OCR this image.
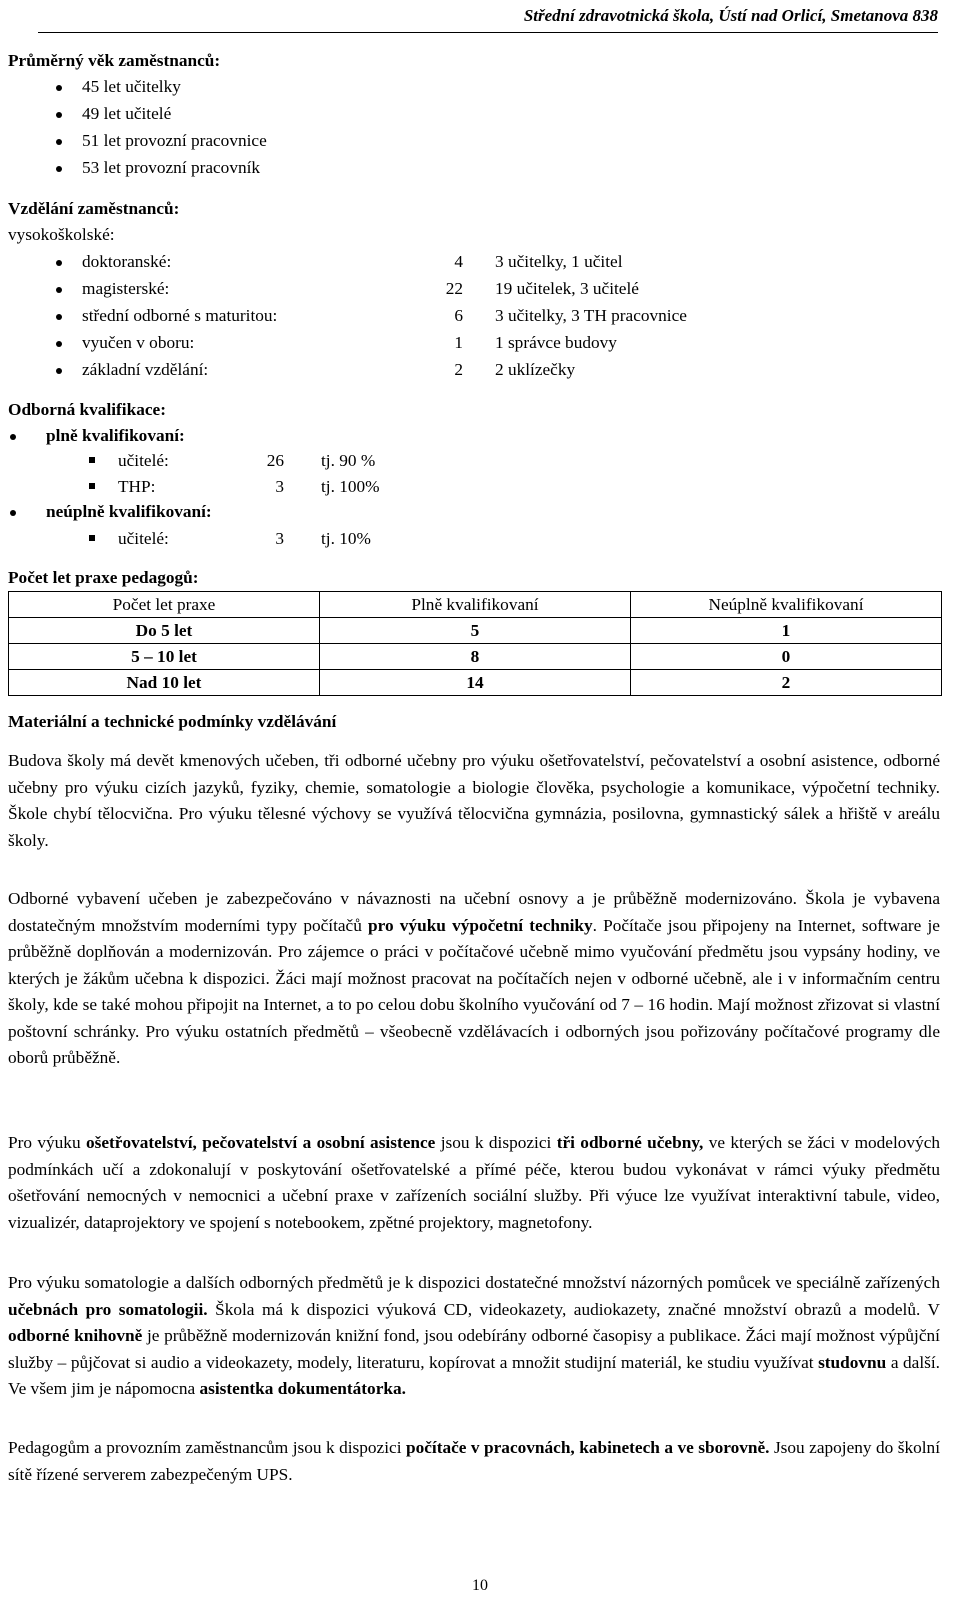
Střední zdravotnická škola, Ústí nad Orlicí, Smetanova 838
Průměrný věk zaměstnanců:
45 let učitelky
49 let učitelé
51 let provozní pracovnice
53 let provozní pracovník
Vzdělání zaměstnanců:
vysokoškolské:
doktoranské:	4 3 učitelky, 1 učitel
magisterské:	22 19 učitelek, 3 učitelé
střední odborné s maturitou:	6 3 učitelky, 3 TH pracovnice
vyučen v oboru:	1 1 správce budovy
základní vzdělání:	2 2 uklízečky
Odborná kvalifikace:
plně kvalifikovaní:
učitelé:	26 tj. 90 %
THP:	3 tj. 100%
neúplně kvalifikovaní:
učitelé:	3 tj. 10%
Počet let praxe pedagogů:
Počet let praxe	Plně kvalifikovaní	Neúplně kvalifikovaní
Do 5 let	5	1
5 – 10 let	8	0
Nad 10 let	14	2
Materiální a technické podmínky vzdělávání
Budova školy má devět kmenových učeben, tři odborné učebny pro výuku ošetřovatelství, pečovatelství a osobní asistence, odborné učebny pro výuku cizích jazyků, fyziky, chemie, somatologie a biologie člověka, psychologie a komunikace, výpočetní techniky. Škole chybí tělocvična. Pro výuku tělesné výchovy se využívá tělocvična gymnázia, posilovna, gymnastický sálek a hřiště v areálu školy.
Odborné vybavení učeben je zabezpečováno v návaznosti na učební osnovy a je průběžně modernizováno. Škola je vybavena dostatečným množstvím moderními typy počítačů pro výuku výpočetní techniky. Počítače jsou připojeny na Internet, software je průběžně doplňován a modernizován. Pro zájemce o práci v počítačové učebně mimo vyučování předmětu jsou vypsány hodiny, ve kterých je žákům učebna k dispozici. Žáci mají možnost pracovat na počítačích nejen v odborné učebně, ale i v informačním centru školy, kde se také mohou připojit na Internet, a to po celou dobu školního vyučování od 7 – 16 hodin. Mají možnost zřizovat si vlastní poštovní schránky. Pro výuku ostatních předmětů – všeobecně vzdělávacích i odborných jsou pořizovány počítačové programy dle oborů průběžně.
Pro výuku ošetřovatelství, pečovatelství a osobní asistence jsou k dispozici tři odborné učebny, ve kterých se žáci v modelových podmínkách učí a zdokonalují v poskytování ošetřovatelské a přímé péče, kterou budou vykonávat v rámci výuky předmětu ošetřování nemocných v nemocnici a učební praxe v zařízeních sociální služby. Při výuce lze využívat interaktivní tabule, video, vizualizér, dataprojektory ve spojení s notebookem, zpětné projektory, magnetofony.
Pro výuku somatologie a dalších odborných předmětů je k dispozici dostatečné množství názorných pomůcek ve speciálně zařízených učebnách pro somatologii. Škola má k dispozici výuková CD, videokazety, audiokazety, značné množství obrazů a modelů. V odborné knihovně je průběžně modernizován knižní fond, jsou odebírány odborné časopisy a publikace. Žáci mají možnost výpůjční služby – půjčovat si audio a videokazety, modely, literaturu, kopírovat a množit studijní materiál, ke studiu využívat studovnu a další. Ve všem jim je nápomocna asistentka dokumentátorka.
Pedagogům a provozním zaměstnancům jsou k dispozici počítače v pracovnách, kabinetech a ve sborovně. Jsou zapojeny do školní sítě řízené serverem zabezpečeným UPS.
10
